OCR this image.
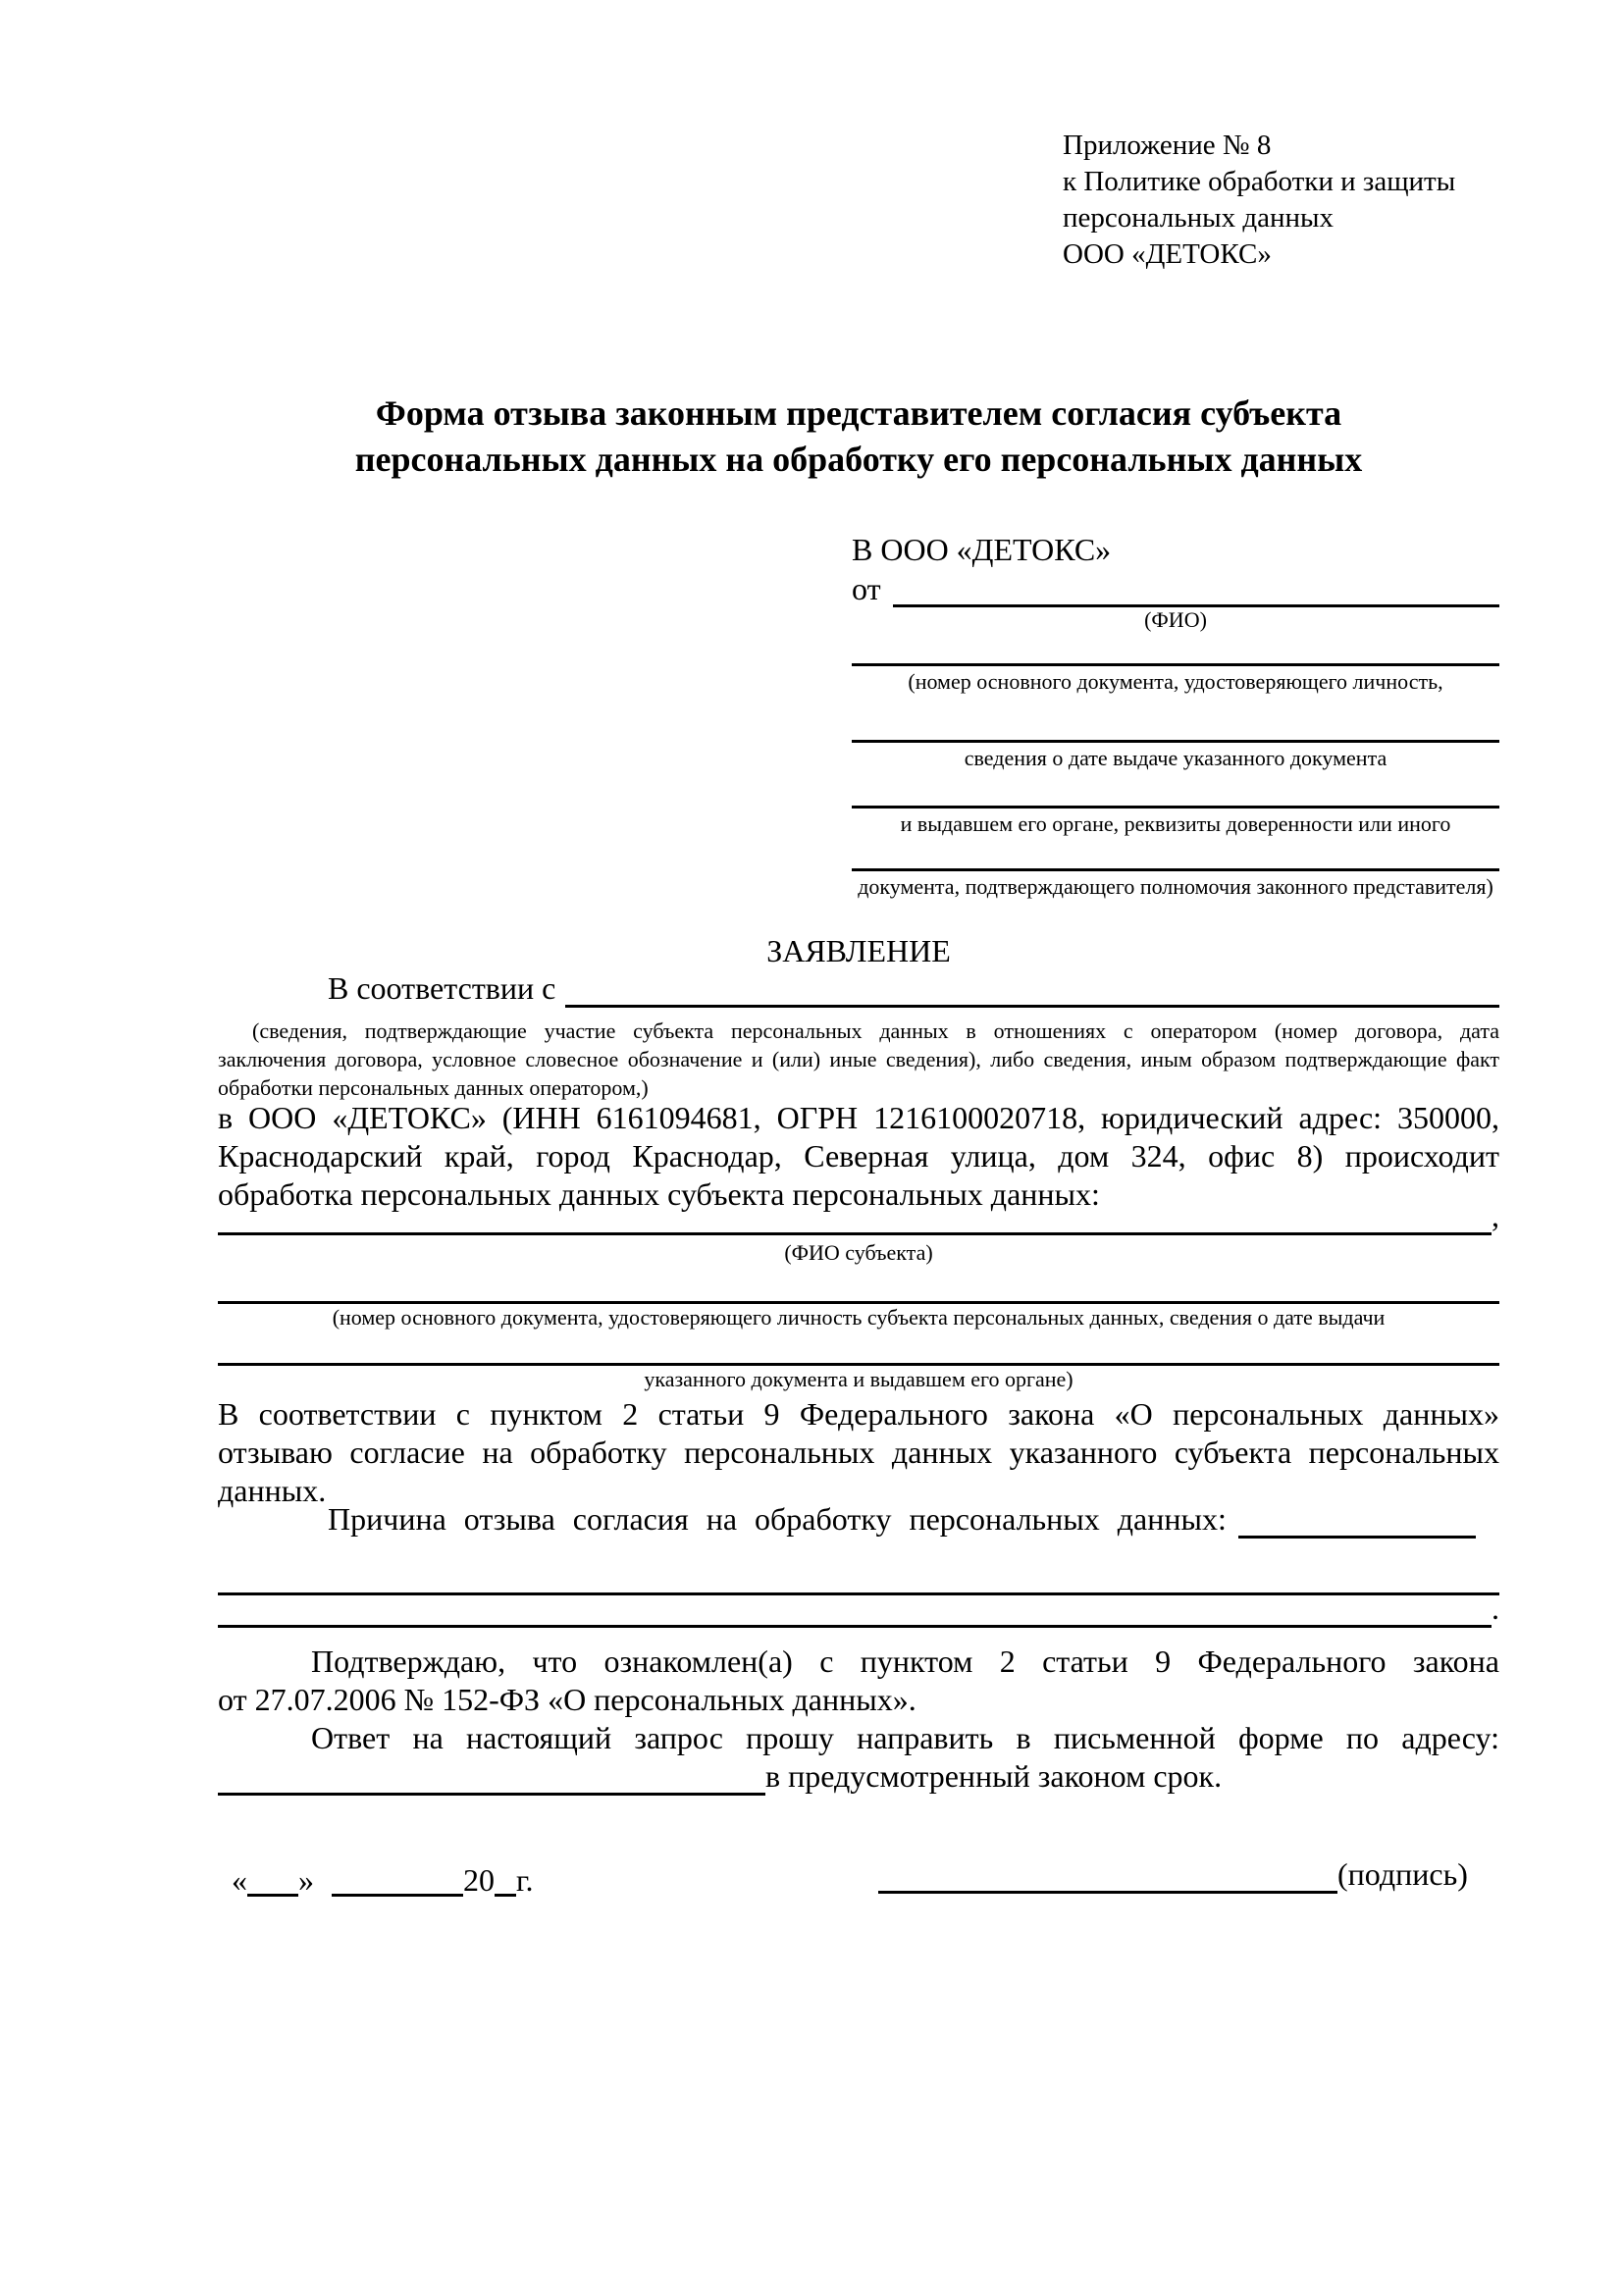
Приложение № 8
к Политике обработки и защиты
персональных данных
ООО «ДЕТОКС»
Форма отзыва законным представителем согласия субъекта
персональных данных на обработку его персональных данных
В ООО «ДЕТОКС»
от
(ФИО)
(номер основного документа, удостоверяющего личность,
сведения о дате выдаче указанного документа
и выдавшем его органе, реквизиты доверенности или иного
документа, подтверждающего полномочия законного представителя)
ЗАЯВЛЕНИЕ
В соответствии с
(сведения, подтверждающие участие субъекта персональных данных в отношениях с оператором (номер договора, дата
заключения договора, условное словесное обозначение и (или) иные сведения), либо сведения, иным образом подтверждающие факт
обработки персональных данных оператором,)
в ООО «ДЕТОКС» (ИНН 6161094681, ОГРН 1216100020718, юридический адрес: 350000,
Краснодарский край, город Краснодар, Северная улица, дом 324, офис 8) происходит
обработка персональных данных субъекта персональных данных:
,
(ФИО субъекта)
(номер основного документа, удостоверяющего личность субъекта персональных данных, сведения о дате выдачи
указанного документа и выдавшем его органе)
В соответствии с пунктом 2 статьи 9 Федерального закона «О персональных данных»
отзываю согласие на обработку персональных данных указанного субъекта персональных
данных.
Причина отзыва согласия на обработку персональных данных:
.
Подтверждаю, что ознакомлен(а) с пунктом 2 статьи 9 Федерального закона
от 27.07.2006 № 152-ФЗ «О персональных данных».
Ответ на настоящий запрос прошу направить в письменной форме по адресу:
в предусмотренный законом срок.
« »	20 г.	(подпись)
